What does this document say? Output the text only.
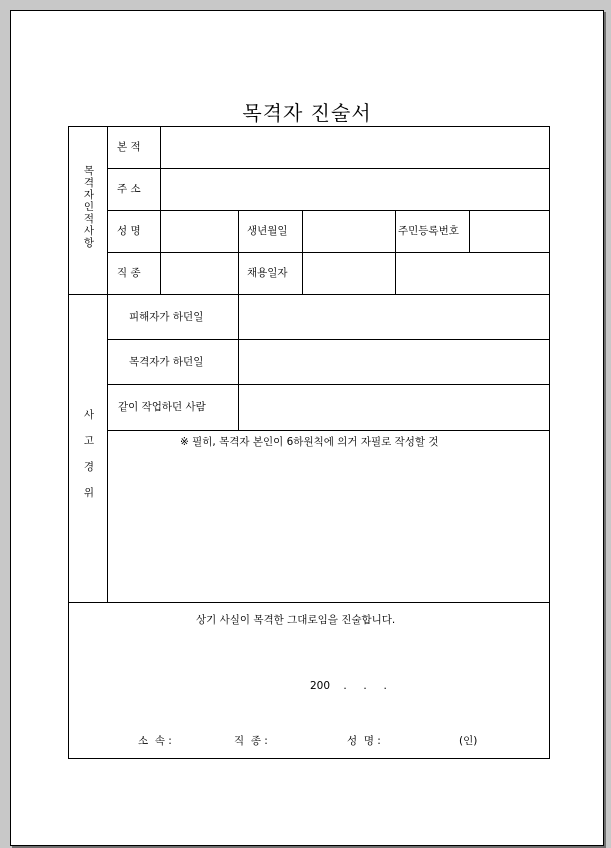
목격자 진술서
목
격
자
인
적
사
항
본 적
주 소
성 명	생년월일	주민등록번호
직 종	채용일자
사
고
경
위
피해자가 하던일
목격자가 하던일
같이 작업하던 사람
※ 필히, 목격자 본인이 6하원칙에 의거 자필로 작성할 것
상기 사실이 목격한 그대로임을 진술합니다.
200    .     .     .
소  속 :	직  종 :	성  명 :	(인)
